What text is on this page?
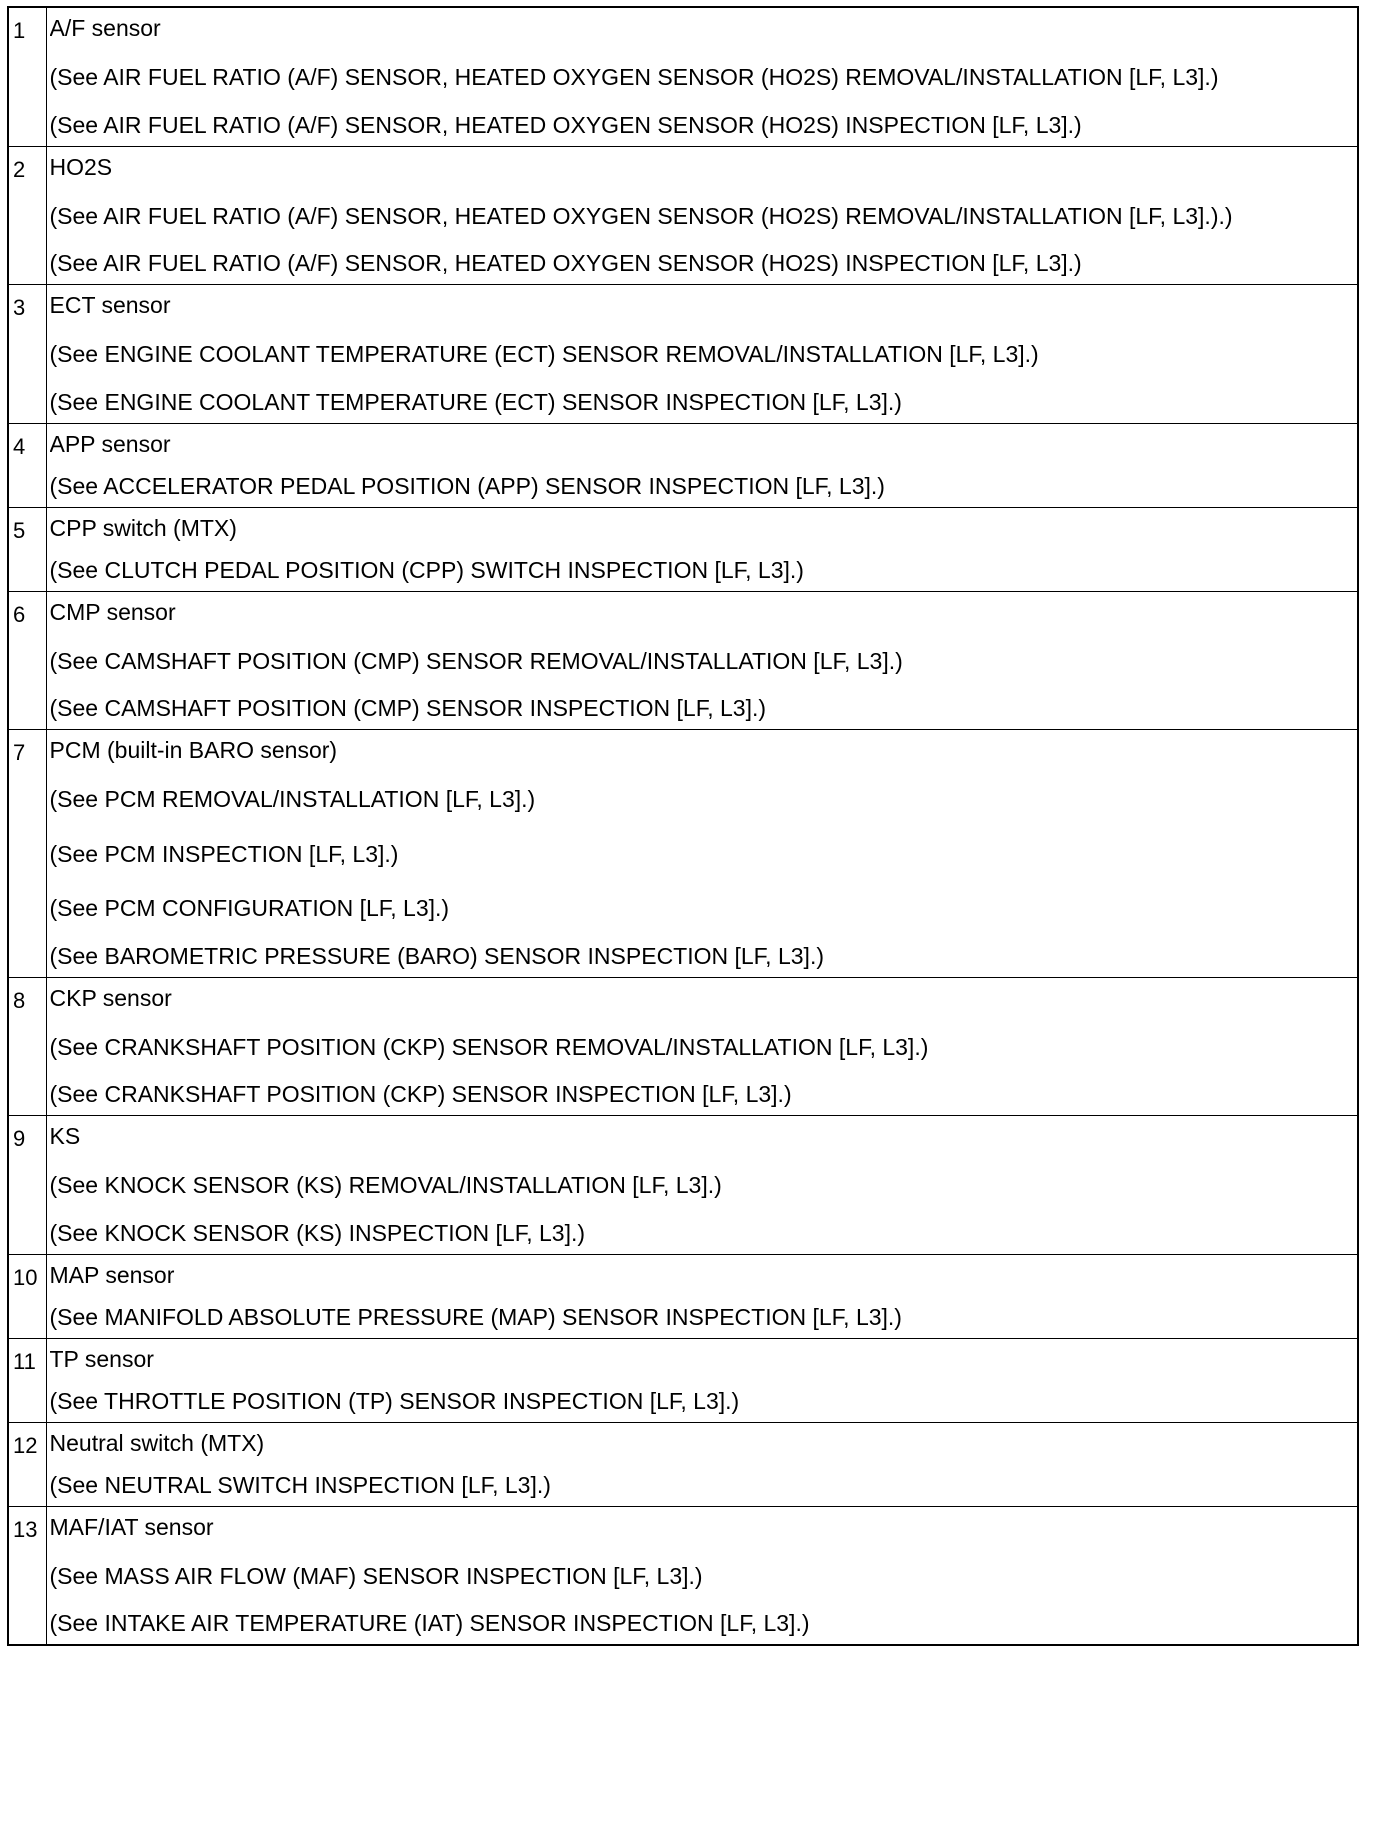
1	A/F sensor
(See AIR FUEL RATIO (A/F) SENSOR, HEATED OXYGEN SENSOR (HO2S) REMOVAL/INSTALLATION [LF, L3].)
(See AIR FUEL RATIO (A/F) SENSOR, HEATED OXYGEN SENSOR (HO2S) INSPECTION [LF, L3].)

2	HO2S
(See AIR FUEL RATIO (A/F) SENSOR, HEATED OXYGEN SENSOR (HO2S) REMOVAL/INSTALLATION [LF, L3].).)
(See AIR FUEL RATIO (A/F) SENSOR, HEATED OXYGEN SENSOR (HO2S) INSPECTION [LF, L3].)

3	ECT sensor
(See ENGINE COOLANT TEMPERATURE (ECT) SENSOR REMOVAL/INSTALLATION [LF, L3].)
(See ENGINE COOLANT TEMPERATURE (ECT) SENSOR INSPECTION [LF, L3].)

4	APP sensor
(See ACCELERATOR PEDAL POSITION (APP) SENSOR INSPECTION [LF, L3].)

5	CPP switch (MTX)
(See CLUTCH PEDAL POSITION (CPP) SWITCH INSPECTION [LF, L3].)

6	CMP sensor
(See CAMSHAFT POSITION (CMP) SENSOR REMOVAL/INSTALLATION [LF, L3].)
(See CAMSHAFT POSITION (CMP) SENSOR INSPECTION [LF, L3].)

7	PCM (built-in BARO sensor)
(See PCM REMOVAL/INSTALLATION [LF, L3].)
(See PCM INSPECTION [LF, L3].)
(See PCM CONFIGURATION [LF, L3].)
(See BAROMETRIC PRESSURE (BARO) SENSOR INSPECTION [LF, L3].)

8	CKP sensor
(See CRANKSHAFT POSITION (CKP) SENSOR REMOVAL/INSTALLATION [LF, L3].)
(See CRANKSHAFT POSITION (CKP) SENSOR INSPECTION [LF, L3].)

9	KS
(See KNOCK SENSOR (KS) REMOVAL/INSTALLATION [LF, L3].)
(See KNOCK SENSOR (KS) INSPECTION [LF, L3].)

10	MAP sensor
(See MANIFOLD ABSOLUTE PRESSURE (MAP) SENSOR INSPECTION [LF, L3].)

11	TP sensor
(See THROTTLE POSITION (TP) SENSOR INSPECTION [LF, L3].)

12	Neutral switch (MTX)
(See NEUTRAL SWITCH INSPECTION [LF, L3].)

13	MAF/IAT sensor
(See MASS AIR FLOW (MAF) SENSOR INSPECTION [LF, L3].)
(See INTAKE AIR TEMPERATURE (IAT) SENSOR INSPECTION [LF, L3].)
